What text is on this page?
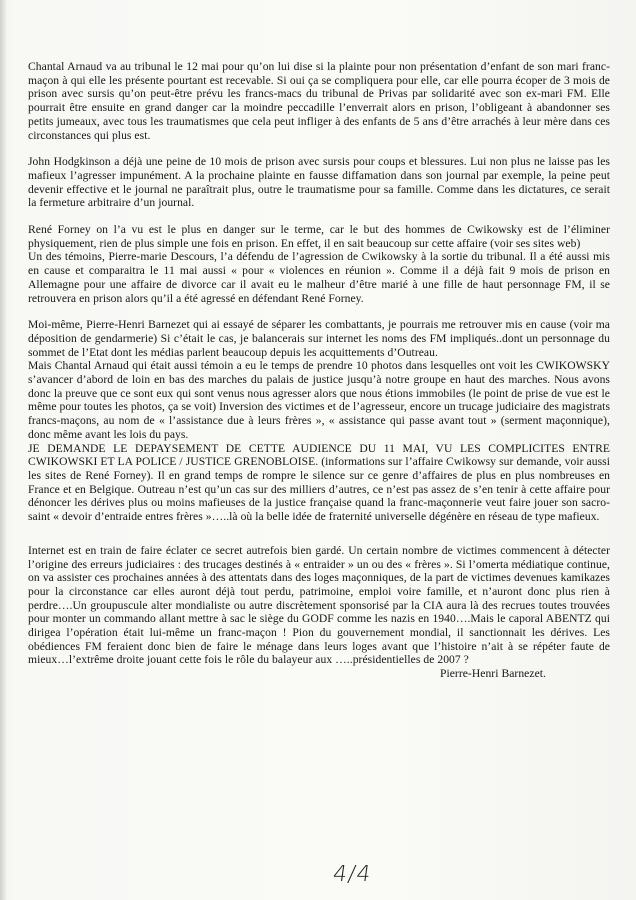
Chantal Arnaud va au tribunal le 12 mai pour qu’on lui dise si la plainte pour non présentation d’enfant de son mari franc-maçon à qui elle les présente pourtant est recevable. Si oui ça se compliquera pour elle, car elle pourra écoper de 3 mois de prison avec sursis qu’on peut-être prévu les francs-macs du tribunal de Privas par solidarité avec son ex-mari FM. Elle pourrait être ensuite en grand danger car la moindre peccadille l’enverrait alors en prison, l’obligeant à abandonner ses petits jumeaux, avec tous les traumatismes que cela peut infliger à des enfants de 5 ans d’être arrachés à leur mère dans ces circonstances qui plus est.

John Hodgkinson a déjà une peine de 10 mois de prison avec sursis pour coups et blessures. Lui non plus ne laisse pas les mafieux l’agresser impunément. A la prochaine plainte en fausse diffamation dans son journal par exemple, la peine peut devenir effective et le journal ne paraîtrait plus, outre le traumatisme pour sa famille. Comme dans les dictatures, ce serait la fermeture arbitraire d’un journal.

René Forney on l’a vu est le plus en danger sur le terme, car le but des hommes de Cwikowsky est de l’éliminer physiquement, rien de plus simple une fois en prison. En effet, il en sait beaucoup sur cette affaire (voir ses sites web)

Un des témoins, Pierre-marie Descours, l’a défendu de l’agression de Cwikowsky à la sortie du tribunal. Il a été aussi mis en cause et comparaitra le 11 mai aussi « pour « violences en réunion ». Comme il a déjà fait 9 mois de prison en Allemagne pour une affaire de divorce car il avait eu le malheur d’être marié à une fille de haut personnage FM, il se retrouvera en prison alors qu’il a été agressé en défendant René Forney.

Moi-même, Pierre-Henri Barnezet qui ai essayé de séparer les combattants, je pourrais me retrouver mis en cause (voir ma déposition de gendarmerie) Si c’était le cas, je balancerais sur internet les noms des FM impliqués..dont un personnage du sommet de l’Etat dont les médias parlent beaucoup depuis les acquittements d’Outreau.

Mais Chantal Arnaud qui était aussi témoin a eu le temps de prendre 10 photos dans lesquelles ont voit les CWIKOWSKY s’avancer d’abord de loin en bas des marches du palais de justice jusqu’à notre groupe en haut des marches. Nous avons donc la preuve que ce sont eux qui sont venus nous agresser alors que nous étions immobiles (le point de prise de vue est le même pour toutes les photos, ça se voit) Inversion des victimes et de l’agresseur, encore un trucage judiciaire des magistrats francs-maçons, au nom de « l’assistance due à leurs frères », « assistance qui passe avant tout » (serment maçonnique), donc même avant les lois du pays.

JE DEMANDE LE DEPAYSEMENT DE CETTE AUDIENCE DU 11 MAI, VU LES COMPLICITES ENTRE CWIKOWSKI ET LA POLICE / JUSTICE GRENOBLOISE. (informations sur l’affaire Cwikowsy sur demande, voir aussi les sites de René Forney). Il en grand temps de rompre le silence sur ce genre d’affaires de plus en plus nombreuses en France et en Belgique. Outreau n’est qu’un cas sur des milliers d’autres, ce n’est pas assez de s’en tenir à cette affaire pour dénoncer les dérives plus ou moins mafieuses de la justice française quand la franc-maçonnerie veut faire jouer son sacro-saint « devoir d’entraide entres frères »…..là où la belle idée de fraternité universelle dégénère en réseau de type mafieux.

Internet est en train de faire éclater ce secret autrefois bien gardé. Un certain nombre de victimes commencent à détecter l’origine des erreurs judiciaires : des trucages destinés à « entraider » un ou des « frères ». Si l’omerta médiatique continue, on va assister ces prochaines années à des attentats dans des loges maçonniques, de la part de victimes devenues kamikazes pour la circonstance car elles auront déjà tout perdu, patrimoine, emploi voire famille, et n’auront donc plus rien à perdre….Un groupuscule alter mondialiste ou autre discrètement sponsorisé par la CIA aura là des recrues toutes trouvées pour monter un commando allant mettre à sac le siège du GODF comme les nazis en 1940….Mais le caporal ABENTZ qui dirigea l’opération était lui-même un franc-maçon ! Pion du gouvernement mondial, il sanctionnait les dérives. Les obédiences FM feraient donc bien de faire le ménage dans leurs loges avant que l’histoire n’ait à se répéter faute de mieux…l’extrême droite jouant cette fois le rôle du balayeur aux …..présidentielles de 2007 ?

Pierre-Henri Barnezet.
4/4
